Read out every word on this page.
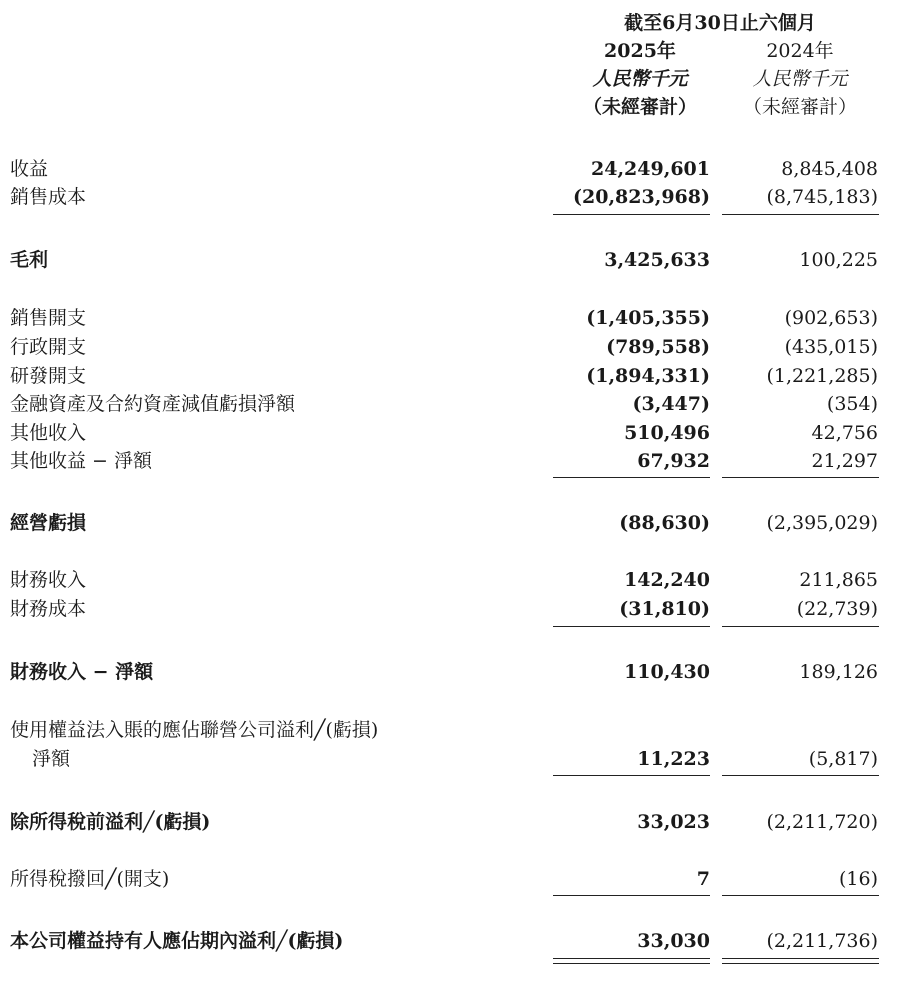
截至6月30日止六個月
2025年	2024年
人民幣千元	人民幣千元
（未經審計）	（未經審計）
收益	24,249,601	8,845,408
銷售成本	(20,823,968)	(8,745,183)
毛利	3,425,633	100,225
銷售開支	(1,405,355)	(902,653)
行政開支	(789,558)	(435,015)
研發開支	(1,894,331)	(1,221,285)
金融資產及合約資產減值虧損淨額	(3,447)	(354)
其他收入	510,496	42,756
其他收益 − 淨額	67,932	21,297
經營虧損	(88,630)	(2,395,029)
財務收入	142,240	211,865
財務成本	(31,810)	(22,739)
財務收入 − 淨額	110,430	189,126
使用權益法入賬的應佔聯營公司溢利╱(虧損)
淨額	11,223	(5,817)
除所得稅前溢利╱(虧損)	33,023	(2,211,720)
所得稅撥回╱(開支)	7	(16)
本公司權益持有人應佔期內溢利╱(虧損)	33,030	(2,211,736)
